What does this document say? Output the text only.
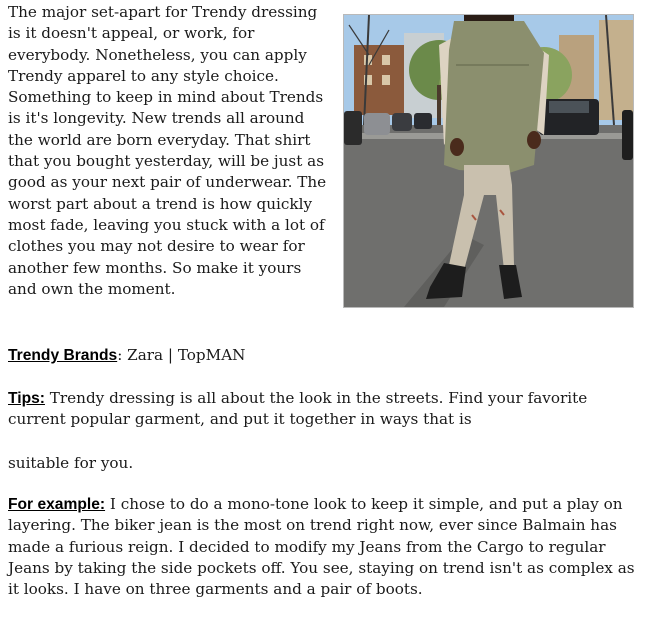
The major set-apart for Trendy dressing is it doesn't appeal, or work, for everybody. Nonetheless, you can apply Trendy apparel to any style choice. Something to keep in mind about Trends is it's longevity. New trends all around the world are born everyday. That shirt that you bought yesterday, will be just as good as your next pair of underwear. The worst part about a trend is how quickly most fade, leaving you stuck with a lot of clothes you may not desire to wear for another few months. So make it yours and own the moment.

Trendy Brands: Zara | TopMAN

Tips: Trendy dressing is all about the look in the streets. Find your favorite current popular garment, and put it together in ways that is

suitable for you.

For example: I chose to do a mono-tone look to keep it simple, and put a play on layering. The biker jean is the most on trend right now, ever since Balmain has made a furious reign. I decided to modify my Jeans from the Cargo to regular Jeans by taking the side pockets off. You see, staying on trend isn't as complex as it looks. I have on three garments and a pair of boots.
